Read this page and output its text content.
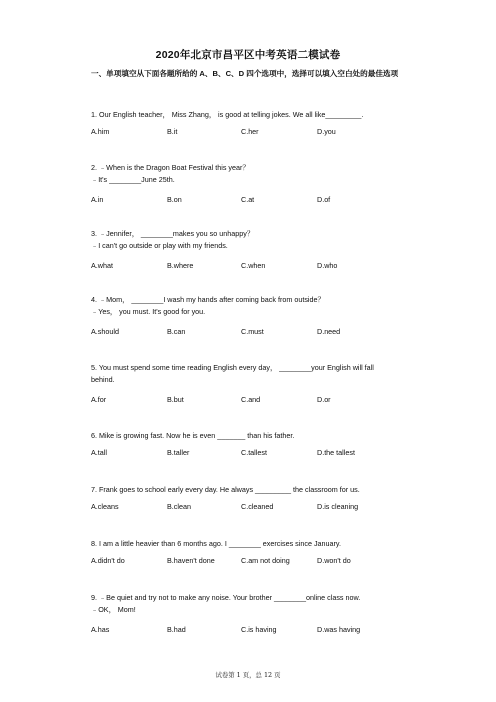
2020年北京市昌平区中考英语二模试卷
一、单项填空从下面各题所给的 A、B、C、D 四个选项中，选择可以填入空白处的最佳选项
1. Our English teacher， Miss Zhang， is good at telling jokes. We all like_________.
A.him	B.it	C.her	D.you
2. ﹣When is the Dragon Boat Festival this year？
﹣It's ________June 25th.
A.in	B.on	C.at	D.of
3. ﹣Jennifer， ________makes you so unhappy？
﹣I can't go outside or play with my friends.
A.what	B.where	C.when	D.who
4. ﹣Mom， ________I wash my hands after coming back from outside？
﹣Yes， you must. It's good for you.
A.should	B.can	C.must	D.need
5. You must spend some time reading English every day， ________your English will fall
behind.
A.for	B.but	C.and	D.or
6. Mike is growing fast. Now he is even _______ than his father.
A.tall	B.taller	C.tallest	D.the tallest
7. Frank goes to school early every day. He always _________ the classroom for us.
A.cleans	B.clean	C.cleaned	D.is cleaning
8. I am a little heavier than 6 months ago. I ________ exercises since January.
A.didn't do	B.haven't done	C.am not doing	D.won't do
9. ﹣Be quiet and try not to make any noise. Your brother ________online class now.
﹣OK， Mom!
A.has	B.had	C.is having	D.was having
试卷第 1 页，总 12 页
